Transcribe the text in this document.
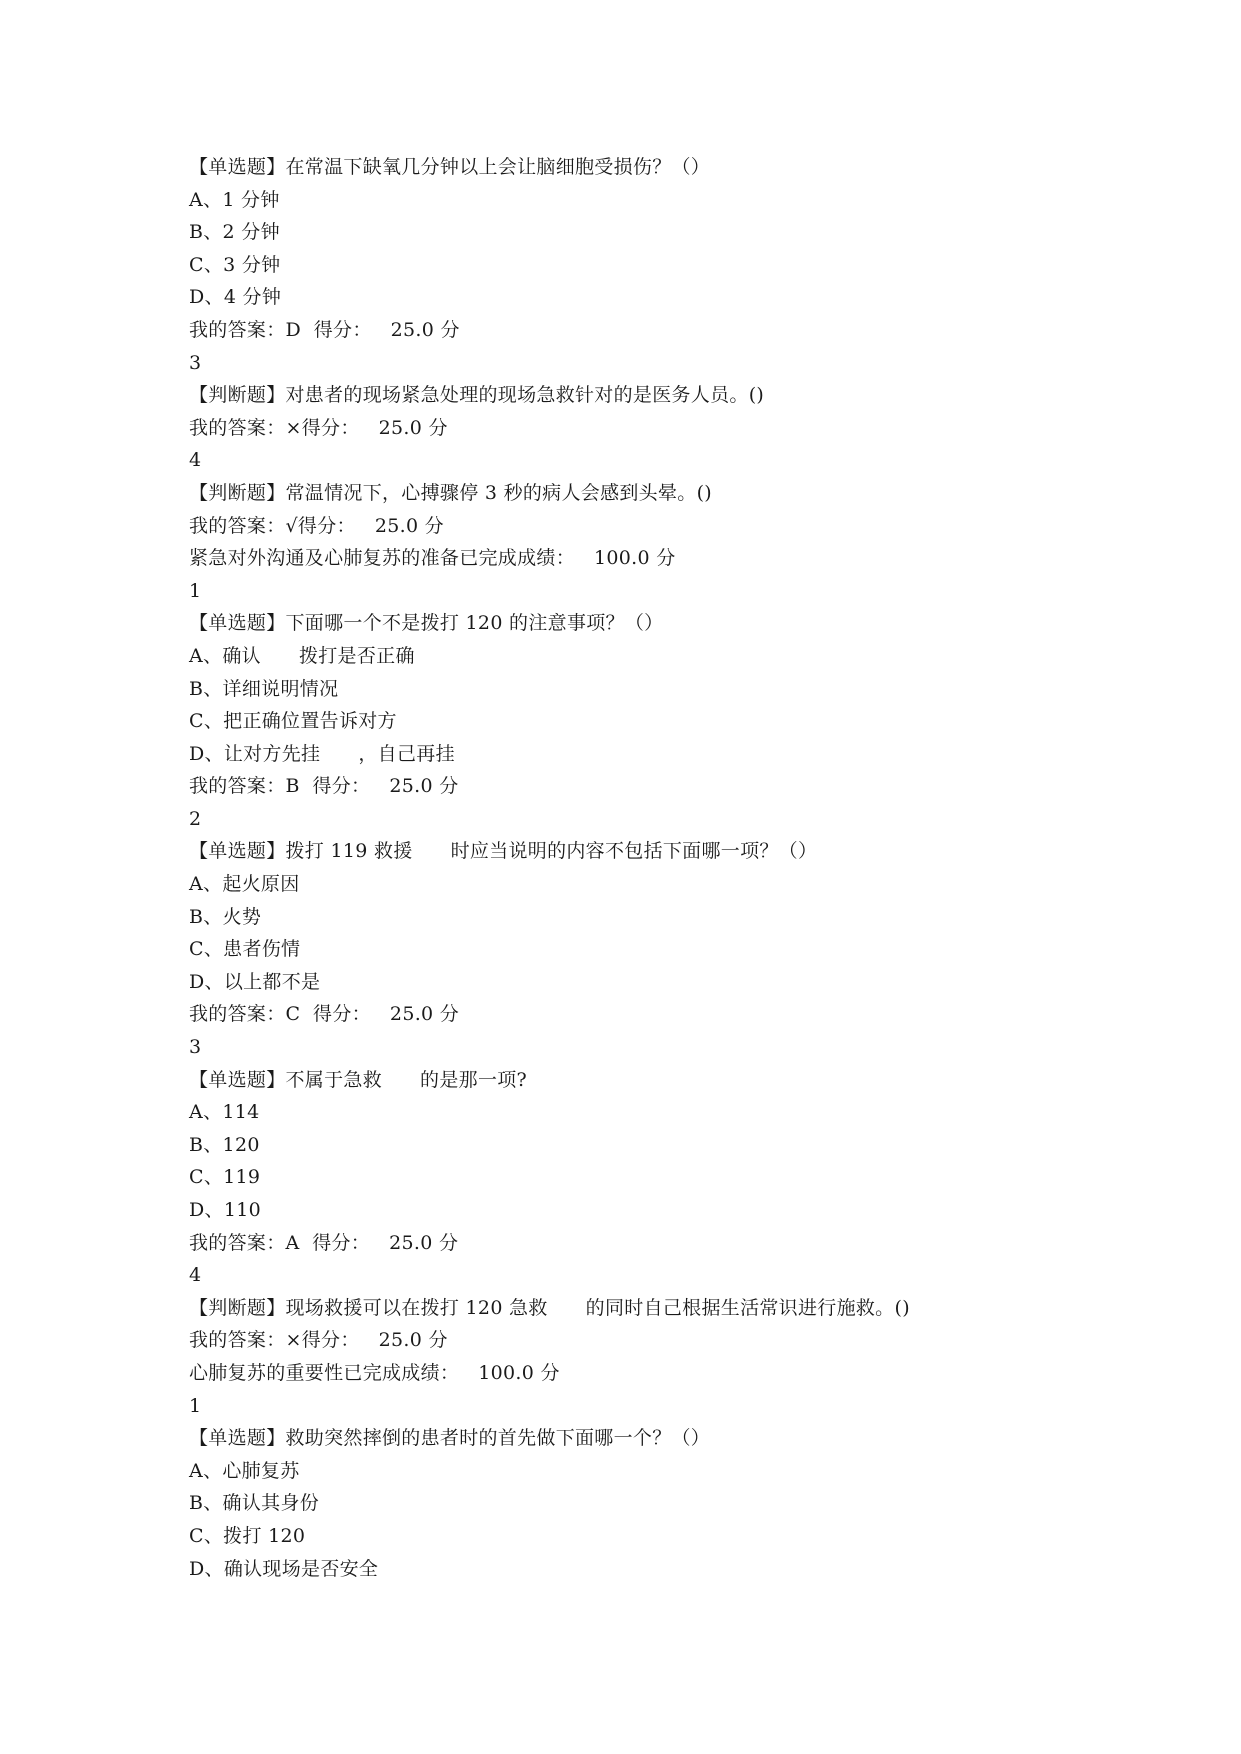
【单选题】在常温下缺氧几分钟以上会让脑细胞受损伤？（）
A、1 分钟
B、2 分钟
C、3 分钟
D、4 分钟
我的答案：D  得分：   25.0 分
3
【判断题】对患者的现场紧急处理的现场急救针对的是医务人员。()
我的答案：×得分：   25.0 分
4
【判断题】常温情况下，心搏骤停 3 秒的病人会感到头晕。()
我的答案：√得分：   25.0 分
紧急对外沟通及心肺复苏的准备已完成成绩：   100.0 分
1
【单选题】下面哪一个不是拨打 120 的注意事项？（）
A、确认      拨打是否正确
B、详细说明情况
C、把正确位置告诉对方
D、让对方先挂      ，自己再挂
我的答案：B  得分：   25.0 分
2
【单选题】拨打 119 救援      时应当说明的内容不包括下面哪一项？（）
A、起火原因
B、火势
C、患者伤情
D、以上都不是
我的答案：C  得分：   25.0 分
3
【单选题】不属于急救      的是那一项?
A、114
B、120
C、119
D、110
我的答案：A  得分：   25.0 分
4
【判断题】现场救援可以在拨打 120 急救      的同时自己根据生活常识进行施救。()
我的答案：×得分：   25.0 分
心肺复苏的重要性已完成成绩：   100.0 分
1
【单选题】救助突然摔倒的患者时的首先做下面哪一个？（）
A、心肺复苏
B、确认其身份
C、拨打 120
D、确认现场是否安全
